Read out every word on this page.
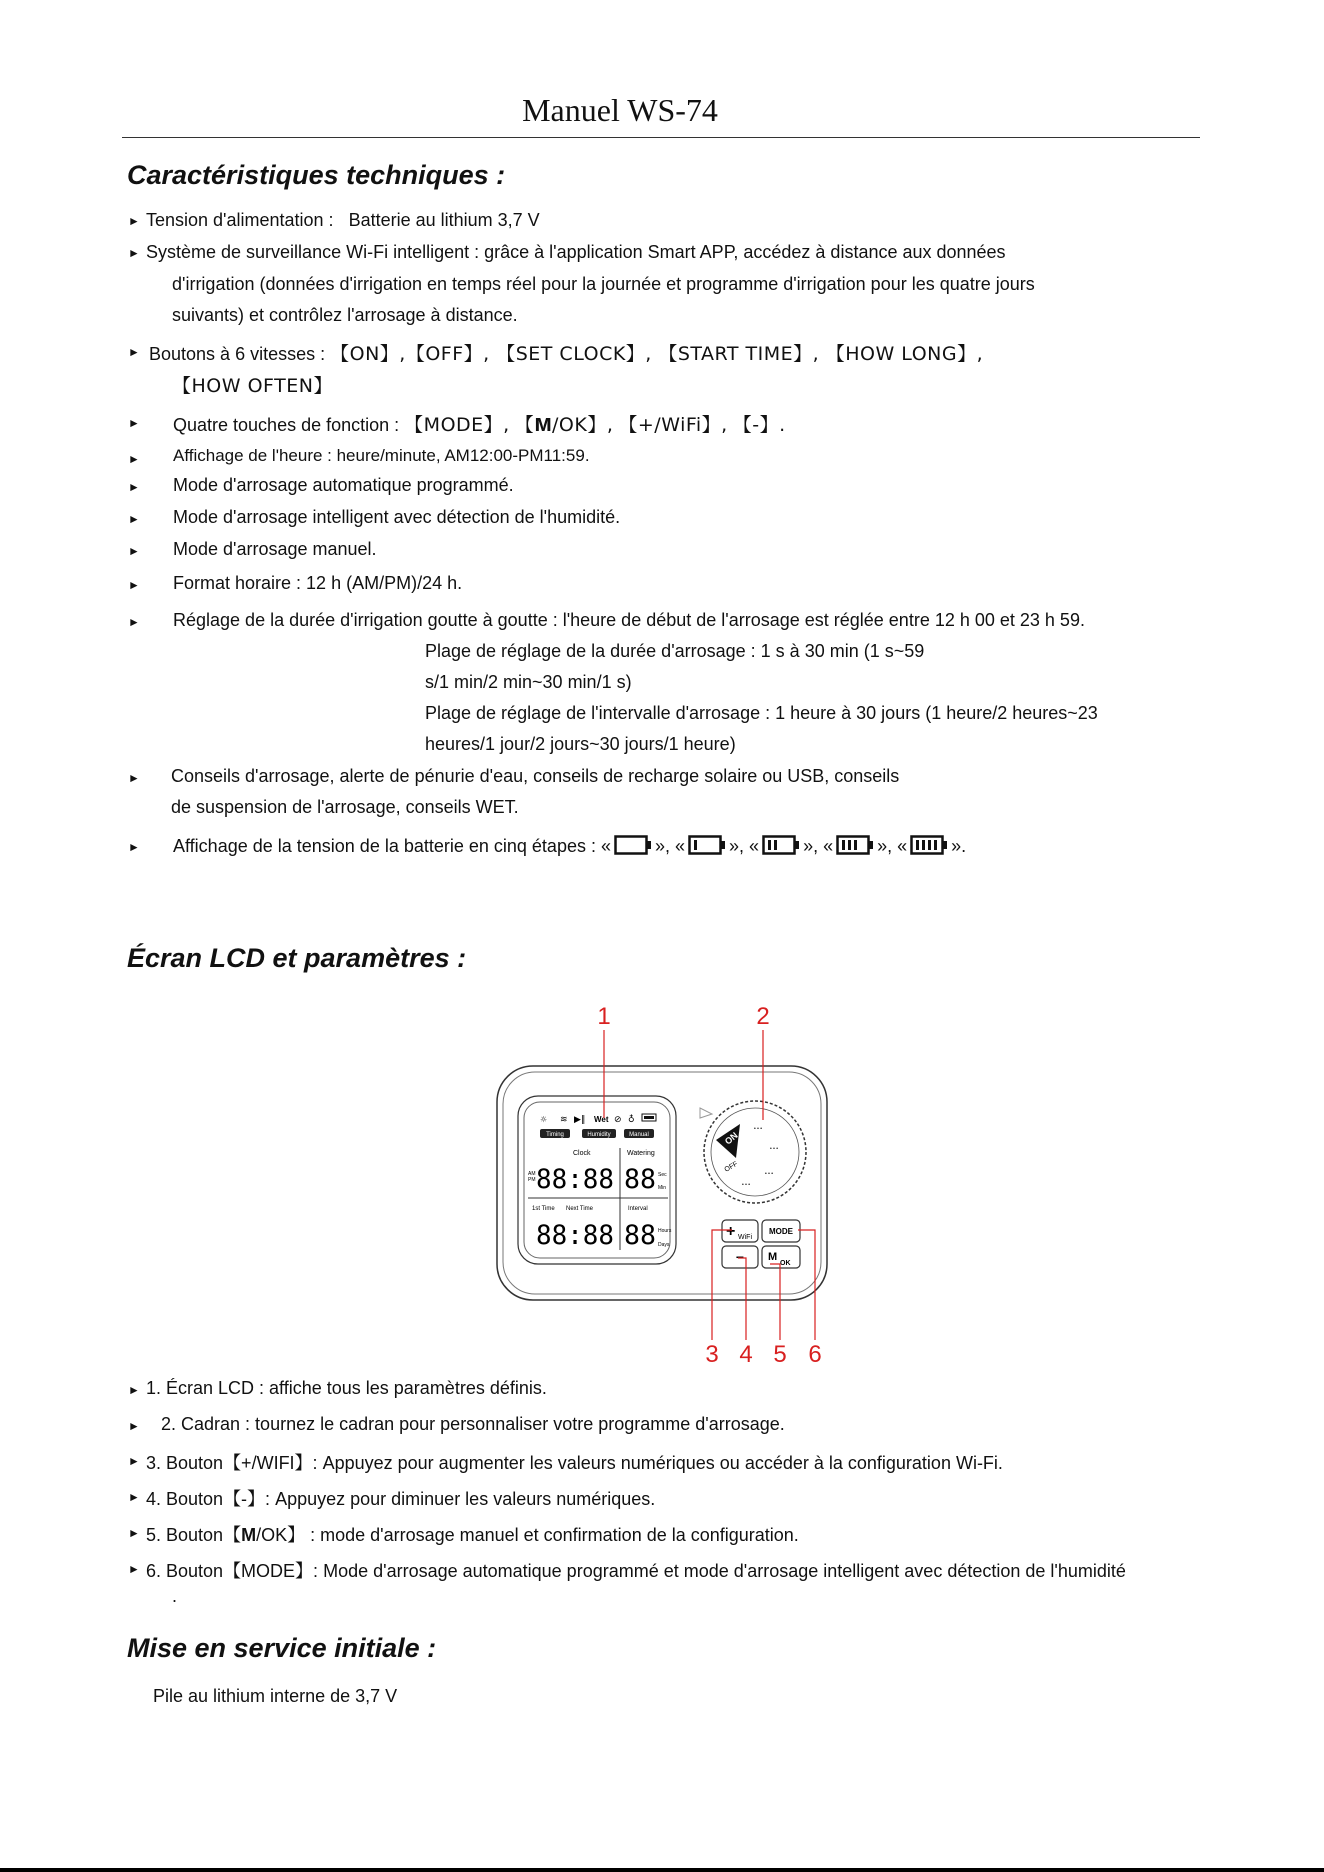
Manuel WS-74
Caractéristiques techniques :
► Tension d'alimentation : Batterie au lithium 3,7 V
► Système de surveillance Wi-Fi intelligent : grâce à l'application Smart APP, accédez à distance aux données
d'irrigation (données d'irrigation en temps réel pour la journée et programme d'irrigation pour les quatre jours
suivants) et contrôlez l'arrosage à distance.
► Boutons à 6 vitesses : 【ON】,【OFF】, 【SET CLOCK】, 【START TIME】, 【HOW LONG】,
【HOW OFTEN】
► Quatre touches de fonction : 【MODE】, 【ᴍ/OK】, 【+/WiFi】, 【-】.
► Affichage de l'heure : heure/minute, AM12:00-PM11:59.
► Mode d'arrosage automatique programmé.
► Mode d'arrosage intelligent avec détection de l'humidité.
► Mode d'arrosage manuel.
► Format horaire : 12 h (AM/PM)/24 h.
► Réglage de la durée d'irrigation goutte à goutte : l'heure de début de l'arrosage est réglée entre 12 h 00 et 23 h 59.
Plage de réglage de la durée d'arrosage : 1 s à 30 min (1 s~59
s/1 min/2 min~30 min/1 s)
Plage de réglage de l'intervalle d'arrosage : 1 heure à 30 jours (1 heure/2 heures~23
heures/1 jour/2 jours~30 jours/1 heure)
► Conseils d'arrosage, alerte de pénurie d'eau, conseils de recharge solaire ou USB, conseils
de suspension de l'arrosage, conseils WET.
► Affichage de la tension de la batterie en cinq étapes : « », « », « », « », « ».
Écran LCD et paramètres :
1	2
3 4 5 6
☼ ≋ ▶‖ Wet ⊘ ♁
Timing	Humidity	Manual
Clock	Watering
AM
PM 88:88 88 Sec
Min
1st Time Next Time	Interval
88:88 88 Hours
Days
ON
OFF
• • •
• • •
• • •
• • •
+ WiFi
MODE
− M
OK
► 1. Écran LCD : affiche tous les paramètres définis.
► 2. Cadran : tournez le cadran pour personnaliser votre programme d'arrosage.
► 3. Bouton【+/WIFI】: Appuyez pour augmenter les valeurs numériques ou accéder à la configuration Wi-Fi.
► 4. Bouton【-】: Appuyez pour diminuer les valeurs numériques.
► 5. Bouton【M/OK】 : mode d'arrosage manuel et confirmation de la configuration.
► 6. Bouton【MODE】: Mode d'arrosage automatique programmé et mode d'arrosage intelligent avec détection de l'humidité
.
Mise en service initiale :
Pile au lithium interne de 3,7 V
